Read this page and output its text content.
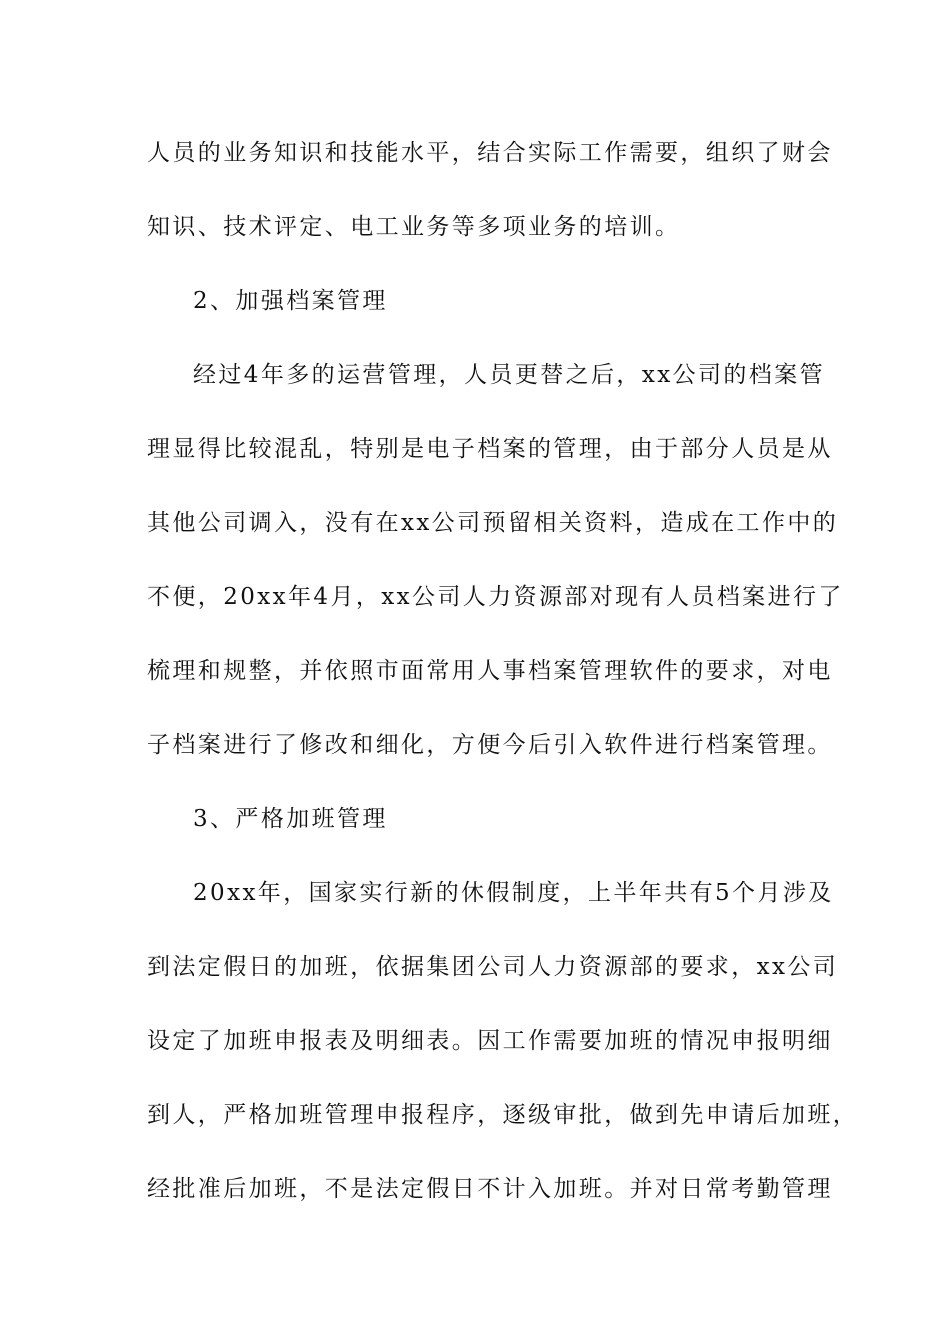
人员的业务知识和技能水平，结合实际工作需要，组织了财会
知识、技术评定、电工业务等多项业务的培训。
2、加强档案管理
经过4年多的运营管理，人员更替之后，xx公司的档案管
理显得比较混乱，特别是电子档案的管理，由于部分人员是从
其他公司调入，没有在xx公司预留相关资料，造成在工作中的
不便，20xx年4月，xx公司人力资源部对现有人员档案进行了
梳理和规整，并依照市面常用人事档案管理软件的要求，对电
子档案进行了修改和细化，方便今后引入软件进行档案管理。
3、严格加班管理
20xx年，国家实行新的休假制度，上半年共有5个月涉及
到法定假日的加班，依据集团公司人力资源部的要求，xx公司
设定了加班申报表及明细表。因工作需要加班的情况申报明细
到人，严格加班管理申报程序，逐级审批，做到先申请后加班，
经批准后加班，不是法定假日不计入加班。并对日常考勤管理
